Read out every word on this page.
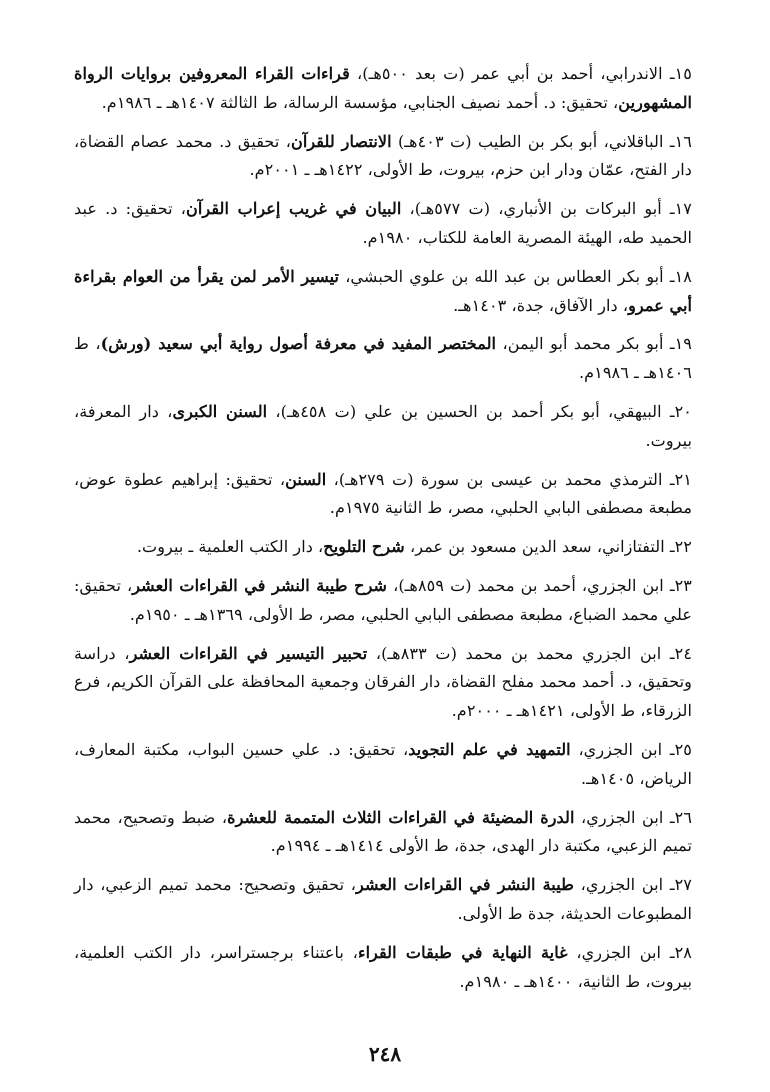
١٥ـ الاندرابي، أحمد بن أبي عمر (ت بعد ٥٠٠هـ)، قراءات القراء المعروفين بروايات الرواة المشهورين، تحقيق: د. أحمد نصيف الجنابي، مؤسسة الرسالة، ط الثالثة ١٤٠٧هـ ـ ١٩٨٦م.

١٦ـ الباقلاني، أبو بكر بن الطيب (ت ٤٠٣هـ) الانتصار للقرآن، تحقيق د. محمد عصام القضاة، دار الفتح، عمّان ودار ابن حزم، بيروت، ط الأولى، ١٤٢٢هـ ـ ٢٠٠١م.

١٧ـ أبو البركات بن الأنباري، (ت ٥٧٧هـ)، البيان في غريب إعراب القرآن، تحقيق: د. عبد الحميد طه، الهيئة المصرية العامة للكتاب، ١٩٨٠م.

١٨ـ أبو بكر العطاس بن عبد الله بن علوي الحبشي، تيسير الأمر لمن يقرأ من العوام بقراءة أبي عمرو، دار الآفاق، جدة، ١٤٠٣هـ.

١٩ـ أبو بكر محمد أبو اليمن، المختصر المفيد في معرفة أصول رواية أبي سعيد (ورش)، ط ١٤٠٦هـ ـ ١٩٨٦م.

٢٠ـ البيهقي، أبو بكر أحمد بن الحسين بن علي (ت ٤٥٨هـ)، السنن الكبرى، دار المعرفة، بيروت.

٢١ـ الترمذي محمد بن عيسى بن سورة (ت ٢٧٩هـ)، السنن، تحقيق: إبراهيم عطوة عوض، مطبعة مصطفى البابي الحلبي، مصر، ط الثانية ١٩٧٥م.

٢٢ـ التفتازاني، سعد الدين مسعود بن عمر، شرح التلويح، دار الكتب العلمية ـ بيروت.

٢٣ـ ابن الجزري، أحمد بن محمد (ت ٨٥٩هـ)، شرح طيبة النشر في القراءات العشر، تحقيق: علي محمد الضباع، مطبعة مصطفى البابي الحلبي، مصر، ط الأولى، ١٣٦٩هـ ـ ١٩٥٠م.

٢٤ـ ابن الجزري محمد بن محمد (ت ٨٣٣هـ)، تحبير التيسير في القراءات العشر، دراسة وتحقيق، د. أحمد محمد مفلح القضاة، دار الفرقان وجمعية المحافظة على القرآن الكريم، فرع الزرقاء، ط الأولى، ١٤٢١هـ ـ ٢٠٠٠م.

٢٥ـ ابن الجزري، التمهيد في علم التجويد، تحقيق: د. علي حسين البواب، مكتبة المعارف، الرياض، ١٤٠٥هـ.

٢٦ـ ابن الجزري، الدرة المضيئة في القراءات الثلاث المتممة للعشرة، ضبط وتصحيح، محمد تميم الزعبي، مكتبة دار الهدى، جدة، ط الأولى ١٤١٤هـ ـ ١٩٩٤م.

٢٧ـ ابن الجزري، طيبة النشر في القراءات العشر، تحقيق وتصحيح: محمد تميم الزعبي، دار المطبوعات الحديثة، جدة ط الأولى.

٢٨ـ ابن الجزري، غاية النهاية في طبقات القراء، باعتناء برجستراسر، دار الكتب العلمية، بيروت، ط الثانية، ١٤٠٠هـ ـ ١٩٨٠م.

٢٤٨
